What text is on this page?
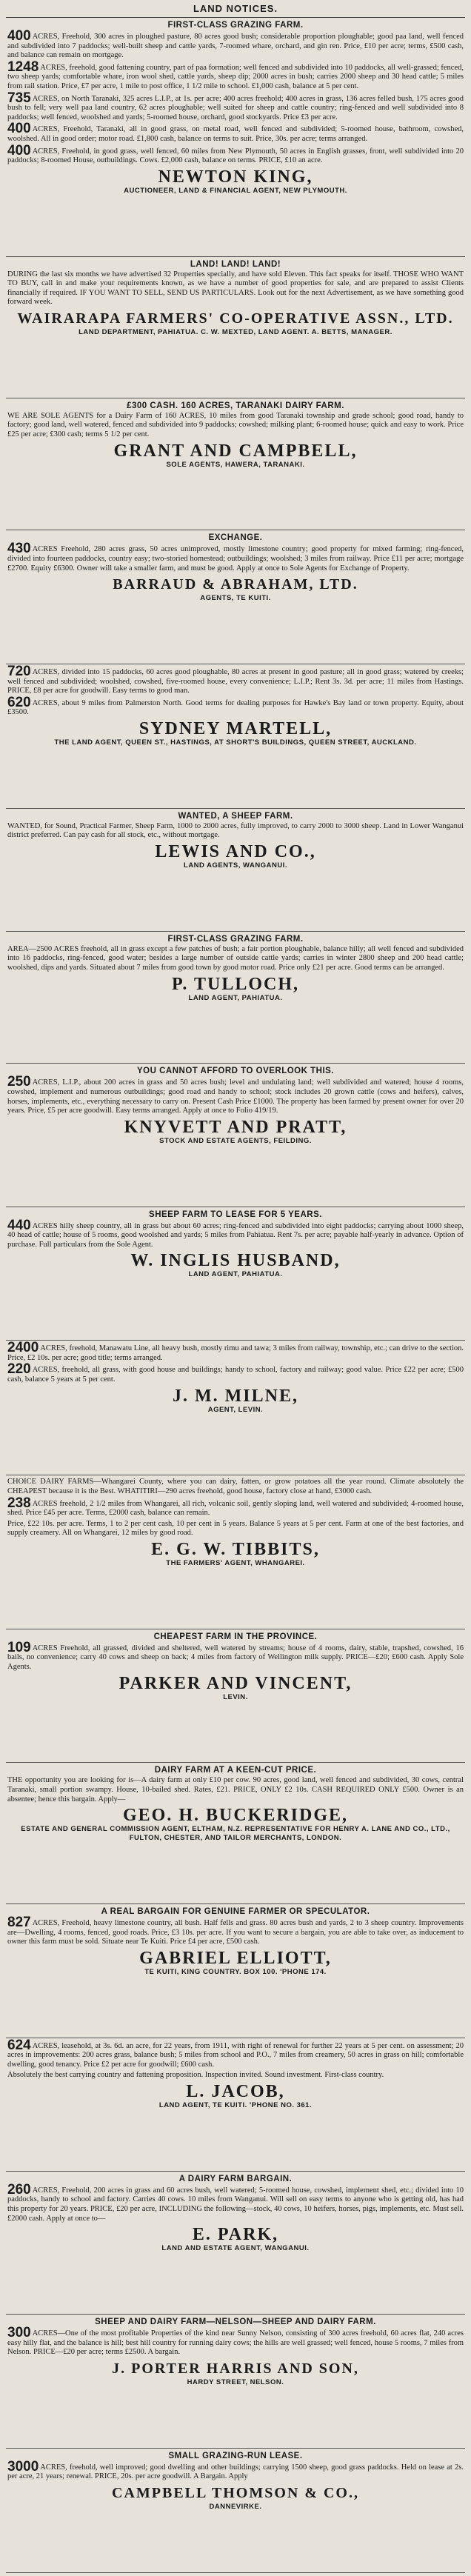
LAND NOTICES.
FIRST-CLASS GRAZING FARM.

400 ACRES, Freehold, 300 acres in ploughed pasture, 80 acres good bush; considerable proportion ploughable; good paa land, well fenced and subdivided into 7 paddocks; well-built sheep and cattle yards, 7-roomed whare, orchard, and gin ren. Price, £10 per acre; terms, £500 cash, and balance can remain on mortgage.

1248 ACRES, freehold, good fattening country, part of paa formation; well fenced and subdivided into 10 paddocks, all well-grassed; fenced, two sheep yards; comfortable whare, iron wool shed, cattle yards, sheep dip; 2000 acres in bush; carries 2000 sheep and 30 head cattle; 5 miles from rail station. Price, £7 per acre, 1 mile to post office, 1 1/2 mile to school. £1,000 cash, balance at 5 per cent.

735 ACRES, on North Taranaki, 325 acres L.I.P., at 1s. per acre; 400 acres freehold; 400 acres in grass, 136 acres felled bush, 175 acres good bush to fell; very well paa land country, 62 acres ploughable; well suited for sheep and cattle country; ring-fenced and well subdivided into 8 paddocks; well fenced, woolshed and yards; 5-roomed house, orchard, good stockyards. Price £3 per acre.

400 ACRES, Freehold, Taranaki, all in good grass, on metal road, well fenced and subdivided; 5-roomed house, bathroom, cowshed, woolshed. All in good order; motor road. £1,800 cash, balance on terms to suit. Price, 30s. per acre; terms arranged.

400 ACRES, Freehold, in good grass, well fenced, 60 miles from New Plymouth, 50 acres in English grasses, front, well subdivided into 20 paddocks; 8-roomed House, outbuildings. Cows. £2,000 cash, balance on terms. PRICE, £10 an acre.

NEWTON KING,
AUCTIONEER, LAND & FINANCIAL AGENT, NEW PLYMOUTH.
LAND! LAND! LAND!

DURING the last six months we have advertised 32 Properties specially, and have sold Eleven. This fact speaks for itself. THOSE WHO WANT TO BUY, call in and make your requirements known, as we have a number of good properties for sale, and are prepared to assist Clients financially if required. IF YOU WANT TO SELL, SEND US PARTICULARS. Look out for the next Advertisement, as we have something good forward week.

WAIRARAPA FARMERS' CO-OPERATIVE ASSN., LTD.
LAND DEPARTMENT, PAHIATUA. C. W. MEXTED, LAND AGENT. A. BETTS, MANAGER.
£300 CASH. 160 ACRES, TARANAKI DAIRY FARM.

WE ARE SOLE AGENTS for a Dairy Farm of 160 ACRES, 10 miles from good Taranaki township and grade school; good road, handy to factory; good land, well watered, fenced and subdivided into 9 paddocks; cowshed; milking plant; 6-roomed house; quick and easy to work. Price £25 per acre; £300 cash; terms 5 1/2 per cent.

GRANT AND CAMPBELL,
SOLE AGENTS, HAWERA, TARANAKI.
EXCHANGE.

430 ACRES Freehold, 280 acres grass, 50 acres unimproved, mostly limestone country; good property for mixed farming; ring-fenced, divided into fourteen paddocks, country easy; two-storied homestead; outbuildings; woolshed; 3 miles from railway. Price £11 per acre; mortgage £2700. Equity £6300. Owner will take a smaller farm, and must be good. Apply at once to Sole Agents for Exchange of Property.

BARRAUD & ABRAHAM, LTD.
AGENTS, TE KUITI.

720 ACRES, divided into 15 paddocks, 60 acres good ploughable, 80 acres at present in good pasture; all in good grass; watered by creeks; well fenced and subdivided; woolshed, cowshed, five-roomed house, every convenience; L.I.P.; Rent 3s. 3d. per acre; 11 miles from Hastings. PRICE, £8 per acre for goodwill. Easy terms to good man.

620 ACRES, about 9 miles from Palmerston North. Good terms for dealing purposes for Hawke's Bay land or town property. Equity, about £3500.

SYDNEY MARTELL,
THE LAND AGENT, QUEEN ST., HASTINGS, AT SHORT'S BUILDINGS, QUEEN STREET, AUCKLAND.
WANTED, A SHEEP FARM.

WANTED, for Sound, Practical Farmer, Sheep Farm, 1000 to 2000 acres, fully improved, to carry 2000 to 3000 sheep. Land in Lower Wanganui district preferred. Can pay cash for all stock, etc., without mortgage.

LEWIS AND CO.,
LAND AGENTS, WANGANUI.
FIRST-CLASS GRAZING FARM.

AREA—2500 ACRES freehold, all in grass except a few patches of bush; a fair portion ploughable, balance hilly; all well fenced and subdivided into 16 paddocks, ring-fenced, good water; besides a large number of outside cattle yards; carries in winter 2800 sheep and 200 head cattle; woolshed, dips and yards. Situated about 7 miles from good town by good motor road. Price only £21 per acre. Good terms can be arranged.

P. TULLOCH,
LAND AGENT, PAHIATUA.
YOU CANNOT AFFORD TO OVERLOOK THIS.

250 ACRES, L.I.P., about 200 acres in grass and 50 acres bush; level and undulating land; well subdivided and watered; house 4 rooms, cowshed, implement and numerous outbuildings; good road and handy to school; stock includes 20 grown cattle (cows and heifers), calves, horses, implements, etc., everything necessary to carry on. Present Cash Price £1000. The property has been farmed by present owner for over 20 years. Price, £5 per acre goodwill. Easy terms arranged. Apply at once to Folio 419/19.

KNYVETT AND PRATT,
STOCK AND ESTATE AGENTS, FEILDING.
SHEEP FARM TO LEASE FOR 5 YEARS.

440 ACRES hilly sheep country, all in grass but about 60 acres; ring-fenced and subdivided into eight paddocks; carrying about 1000 sheep, 40 head of cattle; house of 5 rooms, good woolshed and yards; 5 miles from Pahiatua. Rent 7s. per acre; payable half-yearly in advance. Option of purchase. Full particulars from the Sole Agent.

W. INGLIS HUSBAND,
LAND AGENT, PAHIATUA.

2400 ACRES, freehold, Manawatu Line, all heavy bush, mostly rimu and tawa; 3 miles from railway, township, etc.; can drive to the section. Price, £2 10s. per acre; good title; terms arranged.

220 ACRES, freehold, all grass, with good house and buildings; handy to school, factory and railway; good value. Price £22 per acre; £500 cash, balance 5 years at 5 per cent.

J. M. MILNE,
AGENT, LEVIN.

CHOICE DAIRY FARMS—Whangarei County, where you can dairy, fatten, or grow potatoes all the year round. Climate absolutely the CHEAPEST because it is the Best. WHATITIRI—290 acres freehold, good house, factory close at hand, £3000 cash.

238 ACRES freehold, 2 1/2 miles from Whangarei, all rich, volcanic soil, gently sloping land, well watered and subdivided; 4-roomed house, shed. Price £45 per acre. Terms, £2000 cash, balance can remain.

Price, £22 10s. per acre. Terms, 1 to 2 per cent cash, 10 per cent in 5 years. Balance 5 years at 5 per cent. Farm at one of the best factories, and supply creamery. All on Whangarei, 12 miles by good road.

E. G. W. TIBBITS,
THE FARMERS' AGENT, WHANGAREI.
CHEAPEST FARM IN THE PROVINCE.

109 ACRES Freehold, all grassed, divided and sheltered, well watered by streams; house of 4 rooms, dairy, stable, trapshed, cowshed, 16 bails, no convenience; carry 40 cows and sheep on back; 4 miles from factory of Wellington milk supply. PRICE—£20; £600 cash. Apply Sole Agents.

PARKER AND VINCENT,
LEVIN.
DAIRY FARM AT A KEEN-CUT PRICE.

THE opportunity you are looking for is—A dairy farm at only £10 per cow. 90 acres, good land, well fenced and subdivided, 30 cows, central Taranaki, small portion swampy. House, 10-bailed shed. Rates, £21. PRICE, ONLY £2 10s. CASH REQUIRED ONLY £500. Owner is an absentee; hence this bargain. Apply—

GEO. H. BUCKERIDGE,
ESTATE AND GENERAL COMMISSION AGENT, ELTHAM, N.Z. REPRESENTATIVE FOR HENRY A. LANE AND CO., LTD., FULTON, CHESTER, AND TAILOR MERCHANTS, LONDON.
A REAL BARGAIN FOR GENUINE FARMER OR SPECULATOR.

827 ACRES, Freehold, heavy limestone country, all bush. Half fells and grass. 80 acres bush and yards, 2 to 3 sheep country. Improvements are—Dwelling, 4 rooms, fenced, good roads. Price, £3 10s. per acre. If you want to secure a bargain, you are able to take over, as inducement to owner this farm must be sold. Situate near Te Kuiti. Price £4 per acre, £500 cash.

GABRIEL ELLIOTT,
TE KUITI, KING COUNTRY. BOX 100. 'PHONE 174.

624 ACRES, leasehold, at 3s. 6d. an acre, for 22 years, from 1911, with right of renewal for further 22 years at 5 per cent. on assessment; 20 acres in improvements: 200 acres grass, balance bush; 5 miles from school and P.O., 7 miles from creamery, 50 acres in grass on hill; comfortable dwelling, good tenancy. Price £2 per acre for goodwill; £600 cash.

Absolutely the best carrying country and fattening proposition. Inspection invited. Sound investment. First-class country.

L. JACOB,
LAND AGENT, TE KUITI. 'PHONE NO. 361.
A DAIRY FARM BARGAIN.

260 ACRES, Freehold, 200 acres in grass and 60 acres bush, well watered; 5-roomed house, cowshed, implement shed, etc.; divided into 10 paddocks, handy to school and factory. Carries 40 cows. 10 miles from Wanganui. Will sell on easy terms to anyone who is getting old, has had this property for 20 years. PRICE, £20 per acre, INCLUDING the following—stock, 40 cows, 10 heifers, horses, pigs, implements, etc. Must sell. £2000 cash. Apply at once to—

E. PARK,
LAND AND ESTATE AGENT, WANGANUI.
SHEEP AND DAIRY FARM—NELSON—SHEEP AND DAIRY FARM.

300 ACRES—One of the most profitable Properties of the kind near Sunny Nelson, consisting of 300 acres freehold, 60 acres flat, 240 acres easy hilly flat, and the balance is hill; best hill country for running dairy cows; the hills are well grassed; well fenced, house 5 rooms, 7 miles from Nelson. PRICE—£20 per acre; terms £2500. A bargain.

J. PORTER HARRIS AND SON,
HARDY STREET, NELSON.
SMALL GRAZING-RUN LEASE.

3000 ACRES, freehold, well improved; good dwelling and other buildings; carrying 1500 sheep, good grass paddocks. Held on lease at 2s. per acre, 21 years; renewal. PRICE, 20s. per acre goodwill. A Bargain. Apply

CAMPBELL THOMSON & CO.,
DANNEVIRKE.
